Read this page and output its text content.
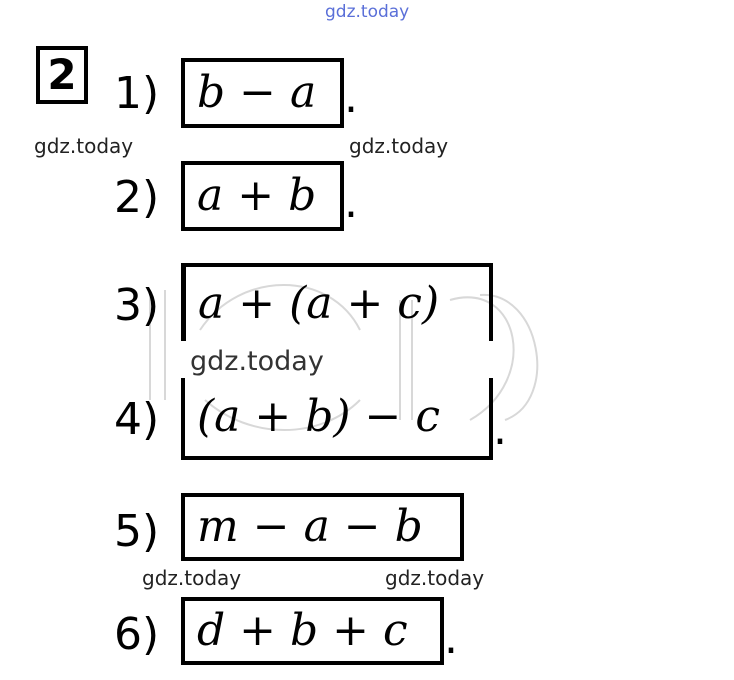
gdz.today
2 1) b − a .
gdz.today	gdz.today
2) a + b .
3) a + (a + c)
gdz.today
4) (a + b) − c .
5) m − a − b
gdz.today	gdz.today
6) d + b + c .
